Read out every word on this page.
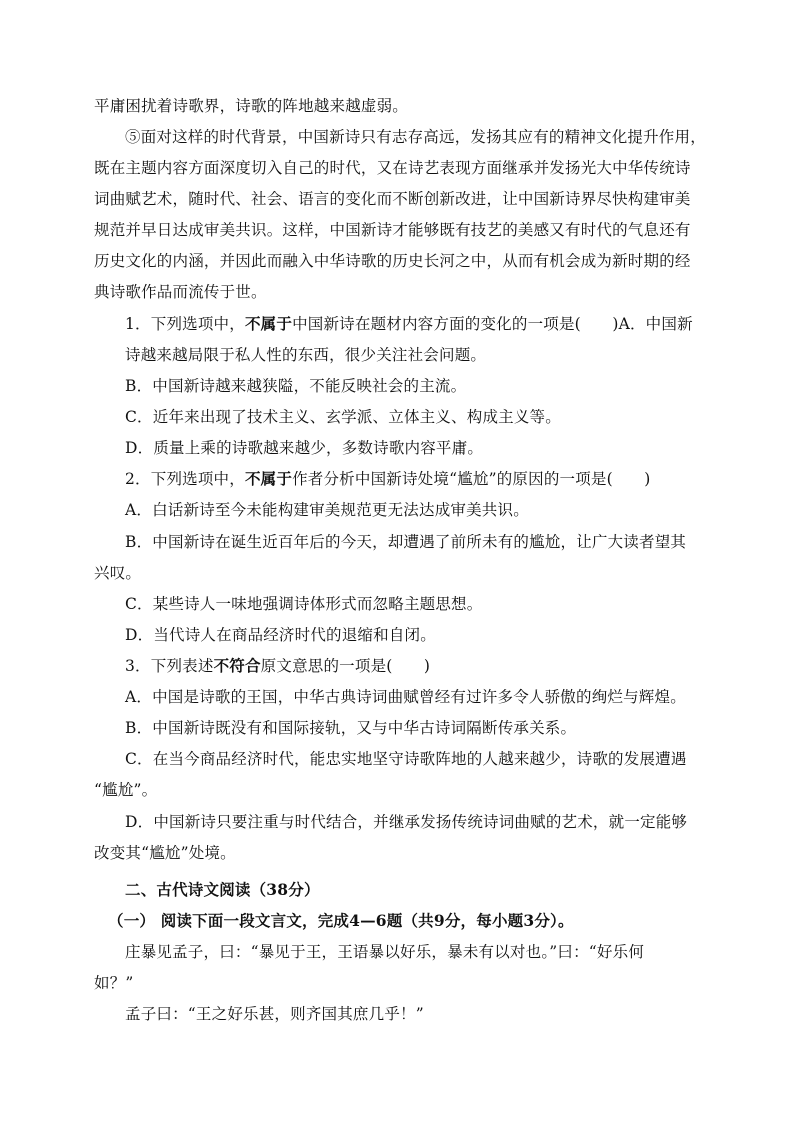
平庸困扰着诗歌界，诗歌的阵地越来越虚弱。
⑤面对这样的时代背景，中国新诗只有志存高远，发扬其应有的精神文化提升作用，
既在主题内容方面深度切入自己的时代，又在诗艺表现方面继承并发扬光大中华传统诗
词曲赋艺术，随时代、社会、语言的变化而不断创新改进，让中国新诗界尽快构建审美
规范并早日达成审美共识。这样，中国新诗才能够既有技艺的美感又有时代的气息还有
历史文化的内涵，并因此而融入中华诗歌的历史长河之中，从而有机会成为新时期的经
典诗歌作品而流传于世。
1．下列选项中，不属于中国新诗在题材内容方面的变化的一项是(　　)A．中国新
诗越来越局限于私人性的东西，很少关注社会问题。
B．中国新诗越来越狭隘，不能反映社会的主流。
C．近年来出现了技术主义、玄学派、立体主义、构成主义等。
D．质量上乘的诗歌越来越少，多数诗歌内容平庸。
2．下列选项中，不属于作者分析中国新诗处境“尴尬”的原因的一项是(　　)
A．白话新诗至今未能构建审美规范更无法达成审美共识。
B．中国新诗在诞生近百年后的今天，却遭遇了前所未有的尴尬，让广大读者望其
兴叹。
C．某些诗人一味地强调诗体形式而忽略主题思想。
D．当代诗人在商品经济时代的退缩和自闭。
3．下列表述不符合原文意思的一项是(　　)
A．中国是诗歌的王国，中华古典诗词曲赋曾经有过许多令人骄傲的绚烂与辉煌。
B．中国新诗既没有和国际接轨，又与中华古诗词隔断传承关系。
C．在当今商品经济时代，能忠实地坚守诗歌阵地的人越来越少，诗歌的发展遭遇
“尴尬”。
D．中国新诗只要注重与时代结合，并继承发扬传统诗词曲赋的艺术，就一定能够
改变其“尴尬”处境。
二、古代诗文阅读（38分）
（一） 阅读下面一段文言文，完成4—6题（共9分，每小题3分）。
庄暴见孟子，曰：“暴见于王，王语暴以好乐，暴未有以对也。”曰：“好乐何
如？”
孟子曰：“王之好乐甚，则齐国其庶几乎！”
